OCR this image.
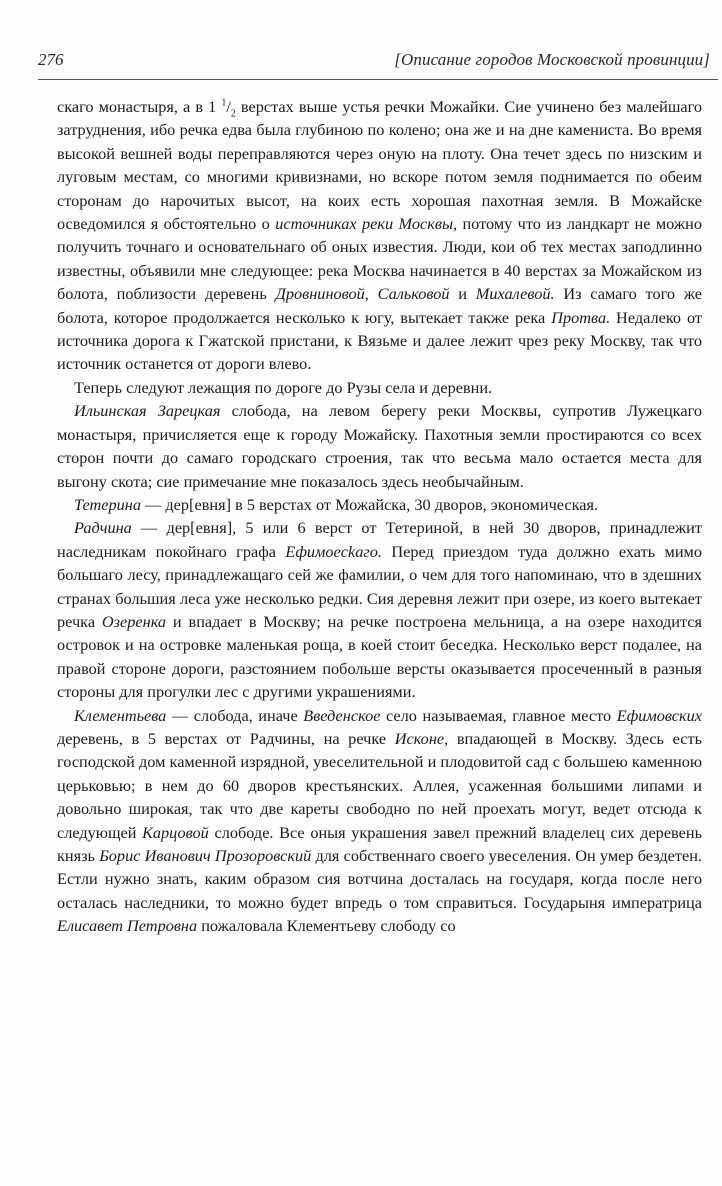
276	[Описание городов Московской провинции]

скаго монастыря, а в 1 $^1/_2$ верстах выше устья речки Можайки. Сие учинено без малейшаго затруднения, ибо речка едва была глубиною по колено; она же и на дне камениста. Во время высокой вешней воды переправляются через оную на плоту. Она течет здесь по низским и луговым местам, со многими кривизнами, но вскоре потом земля поднимается по обеим сторонам до нарочитых высот, на коих есть хорошая пахотная земля. В Можайске осведомился я обстоятельно о источниках реки Москвы, потому что из ландкарт не можно получить точнаго и основательнаго об оных известия. Люди, кои об тех местах заподлинно известны, объявили мне следующее: река Москва начинается в 40 верстах за Можайском из болота, поблизости деревень Дровниновой, Сальковой и Михалевой. Из самаго того же болота, которое продолжается несколько к югу, вытекает также река Протва. Недалеко от источника дорога к Гжатской пристани, к Вязьме и далее лежит чрез реку Москву, так что источник останется от дороги влево.

Теперь следуют лежащия по дороге до Рузы села и деревни.

Ильинская Зарецкая слобода, на левом берегу реки Москвы, супротив Лужецкаго монастыря, причисляется еще к городу Можайску. Пахотныя земли простираются со всех сторон почти до самаго городскаго строения, так что весьма мало остается места для выгону скота; сие примечание мне показалось здесь необычайным.

Тетерина — дер[евня] в 5 верстах от Можайска, 30 дворов, экономическая.

Радчина — дер[евня], 5 или 6 верст от Тетериной, в ней 30 дворов, принадлежит наследникам покойнаго графа Ефимоеckaго. Перед приездом туда должно ехать мимо большаго лесу, принадлежащаго сей же фамилии, о чем для того напоминаю, что в здешних странах большия леса уже несколько редки. Сия деревня лежит при озере, из коего вытекает речка Озеренка и впадает в Москву; на речке построена мельница, а на озере находится островок и на островке маленькая роща, в коей стоит беседка. Несколько верст подалее, на правой стороне дороги, разстоянием побольше версты оказывается просеченный в разныя стороны для прогулки лес с другими украшениями.

Клементьева — слобода, иначе Введенское село называемая, главное место Ефимовских деревень, в 5 верстах от Радчины, на речке Исконе, впадающей в Москву. Здесь есть господской дом каменной изрядной, увеселительной и плодовитой сад с большею каменною церьковью; в нем до 60 дворов крестьянских. Аллея, усаженная большими липами и довольно широкая, так что две кареты свободно по ней проехать могут, ведет отсюда к следующей Карцовой слободе. Все оныя украшения завел прежний владелец сих деревень князь Борис Иванович Прозоровский для собственнаго своего увеселения. Он умер бездетен. Естли нужно знать, каким образом сия вотчина досталась на государя, когда после него осталась наследники, то можно будет впредь о том справиться. Государыня императрица Елисавет Петровна пожаловала Клементьеву слободу со
